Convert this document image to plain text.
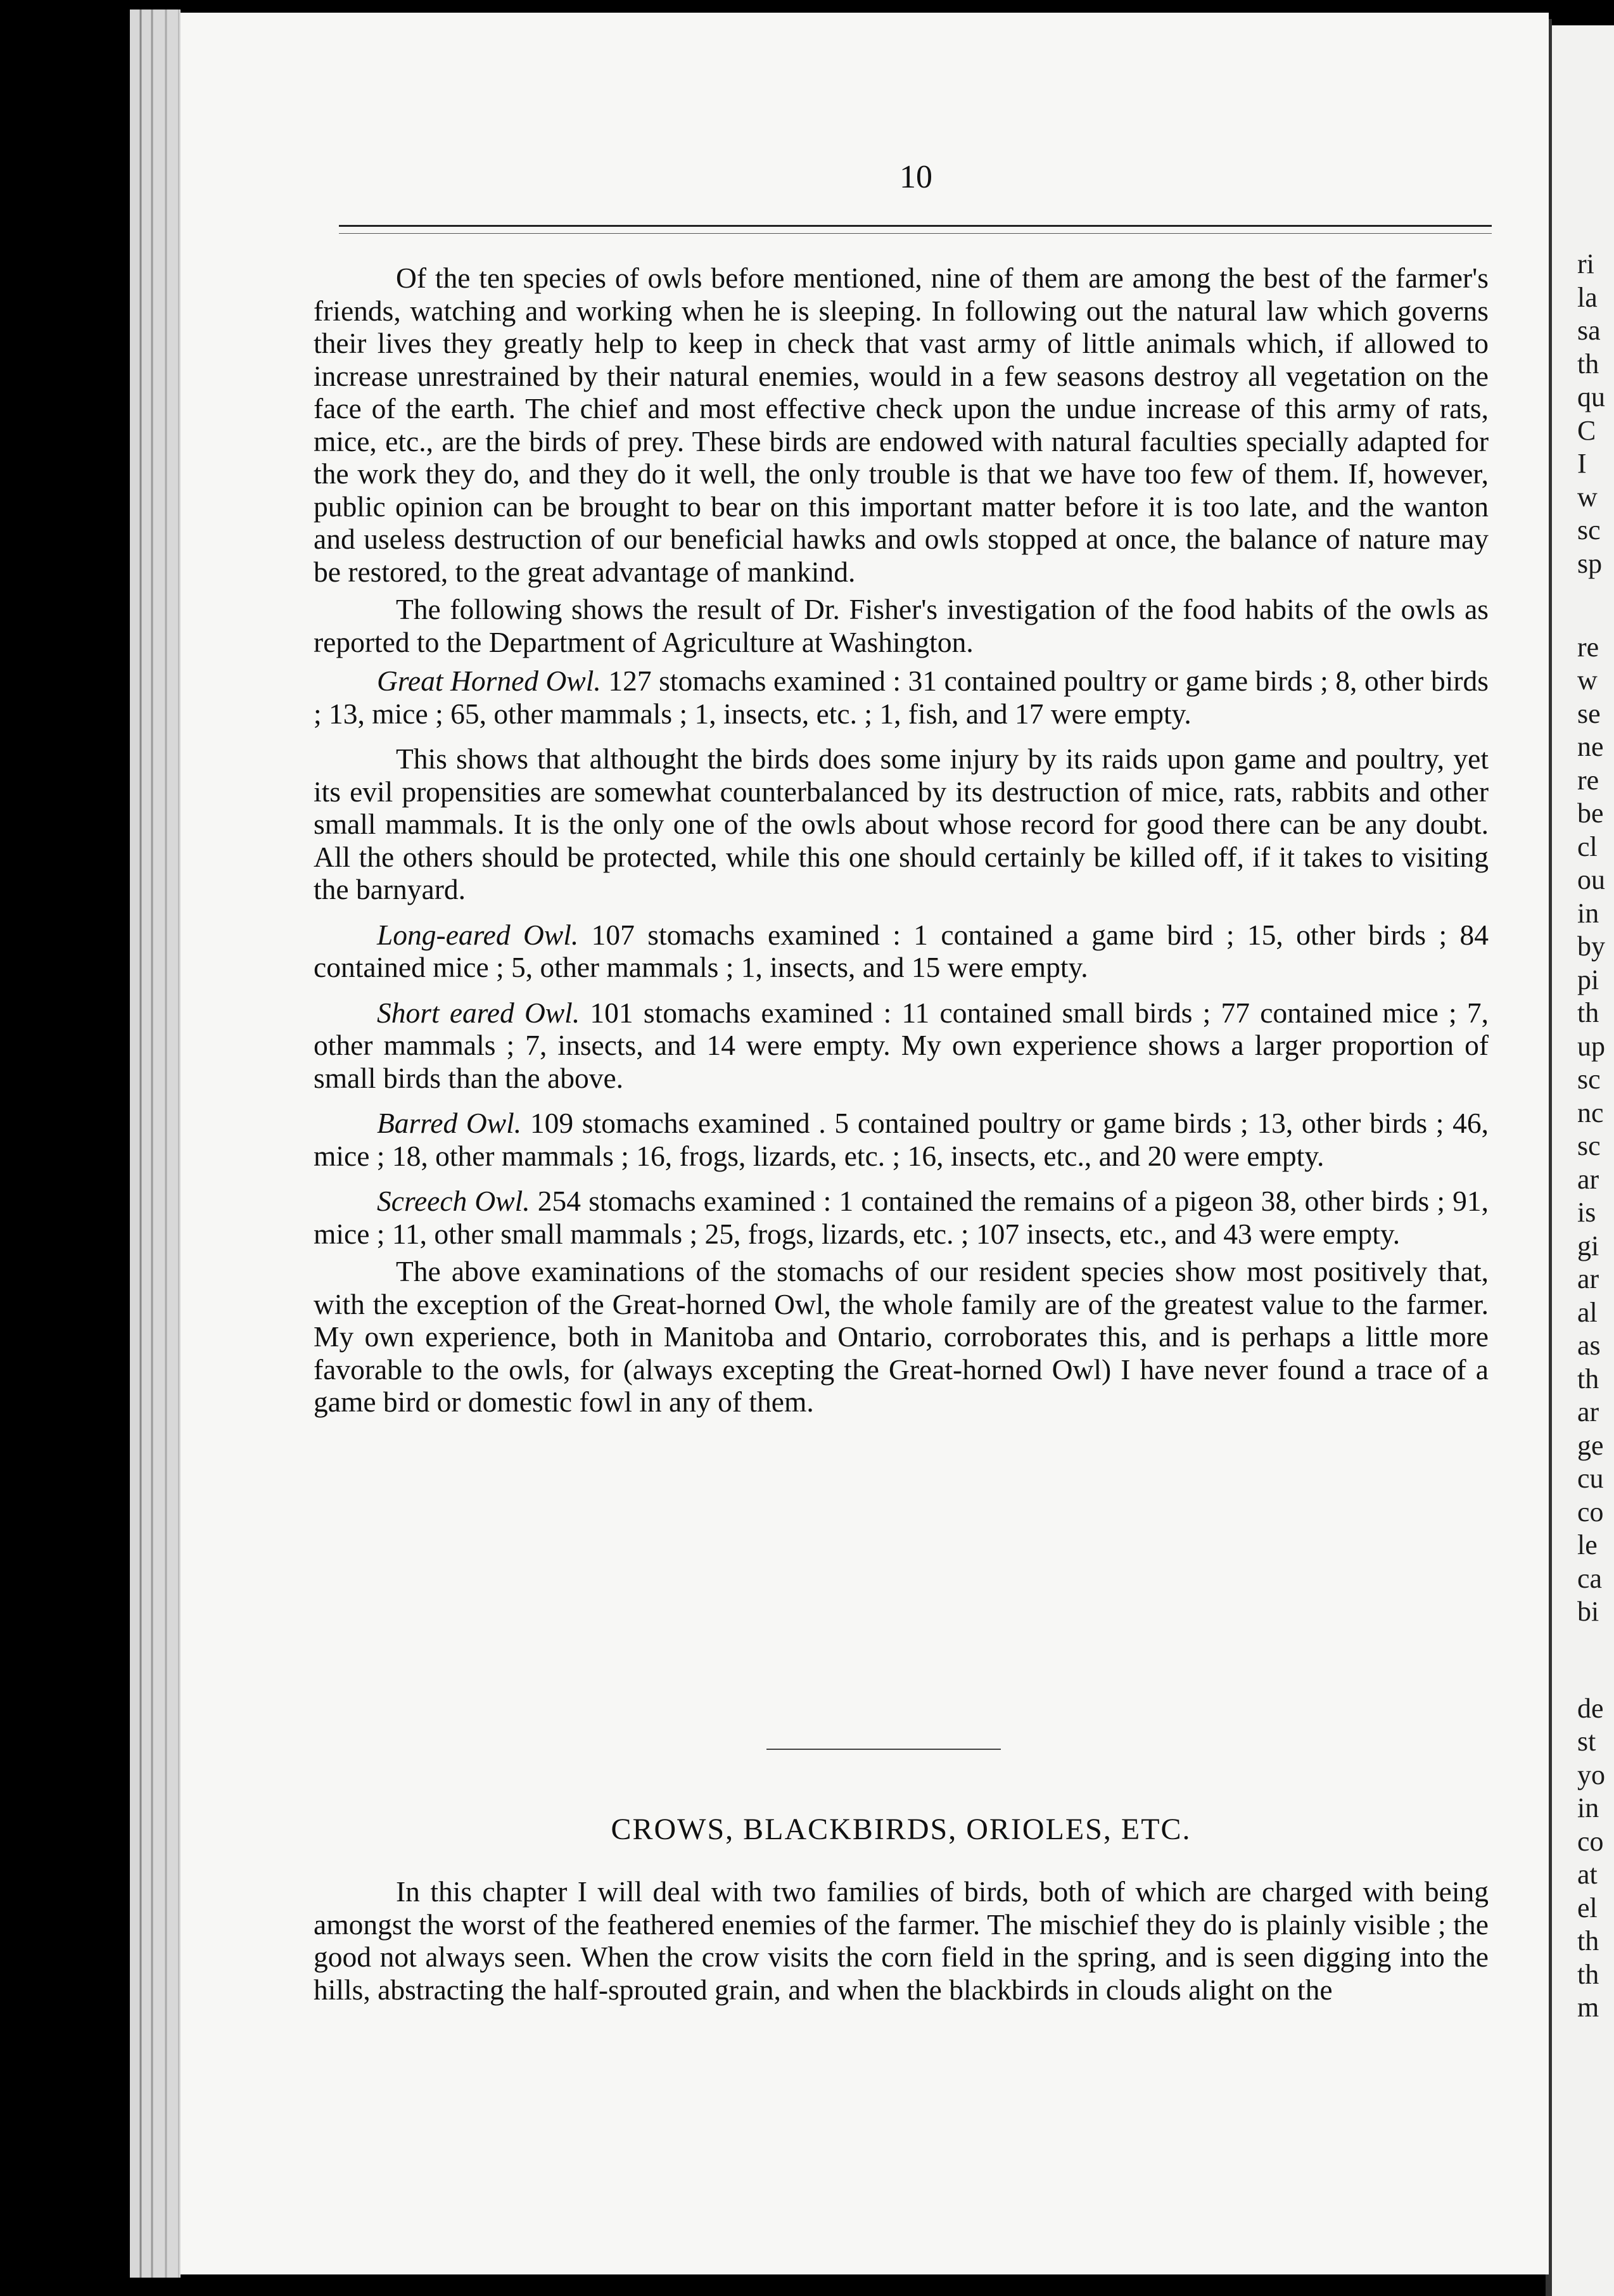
ri
la
sa
th
qu
C
I
w
sc
sp
re
w
se
ne
re
be
cl
ou
in
by
pi
th
up
sc
nc
sc
ar
is
gi
ar
al
as
th
ar
ge
cu
co
le
ca
bi
de
st
yo
in
co
at
el
th
th
m
10

Of the ten species of owls before mentioned, nine of them are among the best of the farmer's friends, watching and working when he is sleeping. In following out the natural law which governs their lives they greatly help to keep in check that vast army of little animals which, if allowed to increase unrestrained by their natural enemies, would in a few seasons destroy all vegetation on the face of the earth. The chief and most effective check upon the undue increase of this army of rats, mice, etc., are the birds of prey. These birds are endowed with natural faculties specially adapted for the work they do, and they do it well, the only trouble is that we have too few of them. If, however, public opinion can be brought to bear on this important matter before it is too late, and the wanton and useless destruction of our beneficial hawks and owls stopped at once, the balance of nature may be restored, to the great advantage of mankind.

The following shows the result of Dr. Fisher's investigation of the food habits of the owls as reported to the Department of Agriculture at Washington.

Great Horned Owl. 127 stomachs examined : 31 contained poultry or game birds ; 8, other birds ; 13, mice ; 65, other mammals ; 1, insects, etc. ; 1, fish, and 17 were empty.

This shows that althought the birds does some injury by its raids upon game and poultry, yet its evil propensities are somewhat counterbalanced by its destruction of mice, rats, rabbits and other small mammals. It is the only one of the owls about whose record for good there can be any doubt. All the others should be protected, while this one should certainly be killed off, if it takes to visiting the barnyard.

Long-eared Owl. 107 stomachs examined : 1 contained a game bird ; 15, other birds ; 84 contained mice ; 5, other mammals ; 1, insects, and 15 were empty.

Short eared Owl. 101 stomachs examined : 11 contained small birds ; 77 contained mice ; 7, other mammals ; 7, insects, and 14 were empty. My own experience shows a larger proportion of small birds than the above.

Barred Owl. 109 stomachs examined . 5 contained poultry or game birds ; 13, other birds ; 46, mice ; 18, other mammals ; 16, frogs, lizards, etc. ; 16, insects, etc., and 20 were empty.

Screech Owl. 254 stomachs examined : 1 contained the remains of a pigeon 38, other birds ; 91, mice ; 11, other small mammals ; 25, frogs, lizards, etc. ; 107 insects, etc., and 43 were empty.

The above examinations of the stomachs of our resident species show most positively that, with the exception of the Great-horned Owl, the whole family are of the greatest value to the farmer. My own experience, both in Manitoba and Ontario, corroborates this, and is perhaps a little more favorable to the owls, for (always excepting the Great-horned Owl) I have never found a trace of a game bird or domestic fowl in any of them.

CROWS, BLACKBIRDS, ORIOLES, ETC.

In this chapter I will deal with two families of birds, both of which are charged with being amongst the worst of the feathered enemies of the farmer. The mischief they do is plainly visible ; the good not always seen. When the crow visits the corn field in the spring, and is seen digging into the hills, abstracting the half-sprouted grain, and when the blackbirds in clouds alight on the
